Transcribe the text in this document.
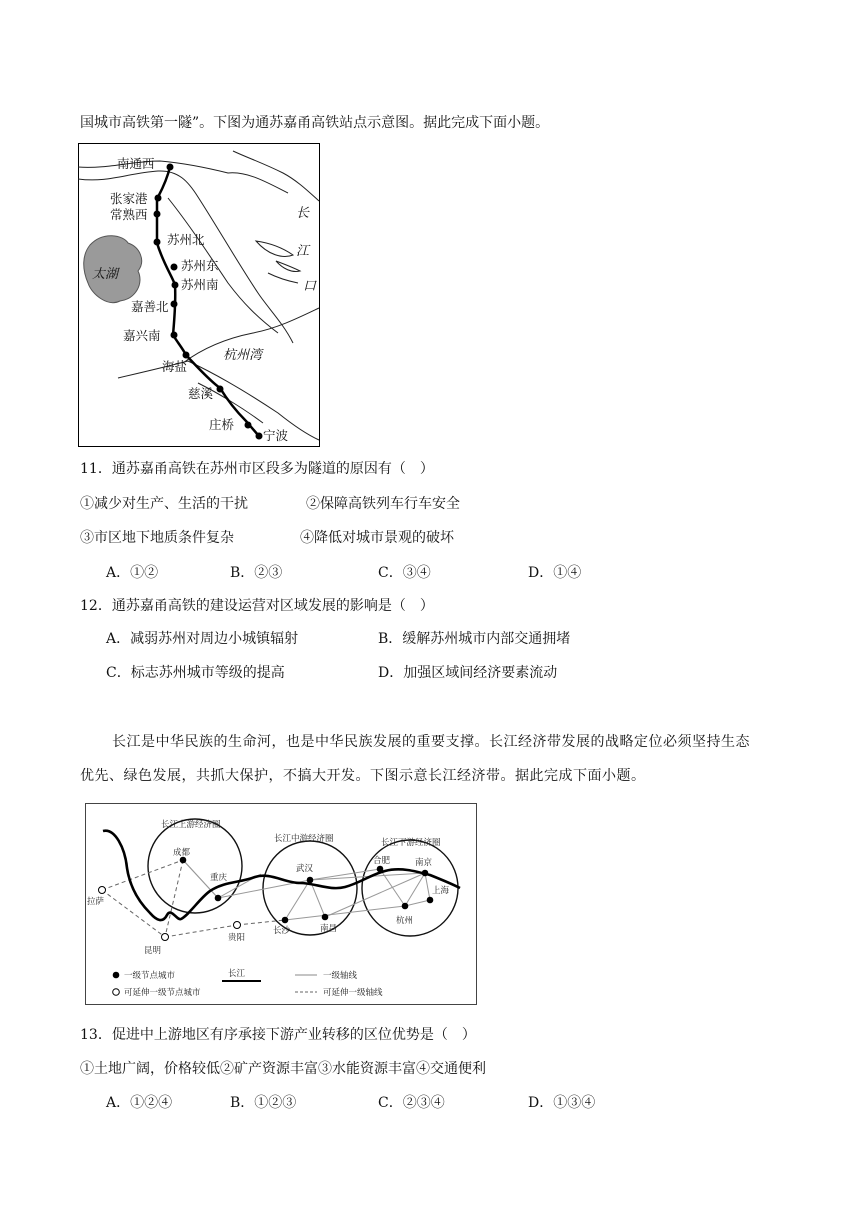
国城市高铁第一隧”。下图为通苏嘉甬高铁站点示意图。据此完成下面小题。
南通西
张家港
常熟西
苏州北
苏州东
苏州南
嘉善北
嘉兴南
海盐
慈溪
庄桥
宁波
太湖
长
江
口
杭州湾
11．通苏嘉甬高铁在苏州市区段多为隧道的原因有（　）
①减少对生产、生活的干扰	②保障高铁列车行车安全
③市区地下地质条件复杂	④降低对城市景观的破坏
A．①②	B．②③	C．③④	D．①④
12．通苏嘉甬高铁的建设运营对区域发展的影响是（　）
A．减弱苏州对周边小城镇辐射	B．缓解苏州城市内部交通拥堵
C．标志苏州城市等级的提高	D．加强区域间经济要素流动
长江是中华民族的生命河，也是中华民族发展的重要支撑。长江经济带发展的战略定位必须坚持生态
优先、绿色发展，共抓大保护，不搞大开发。下图示意长江经济带。据此完成下面小题。
长江上游经济圈
长江中游经济圈	长江下游经济圈
成都
重庆
拉萨
昆明
贵阳
武汉
长沙	南昌
合肥	南京
上海
杭州
一级节点城市
可延伸一级节点城市
长江	一级轴线
可延伸一级轴线
13．促进中上游地区有序承接下游产业转移的区位优势是（　）
①土地广阔，价格较低②矿产资源丰富③水能资源丰富④交通便利
A．①②④	B．①②③	C．②③④	D．①③④
